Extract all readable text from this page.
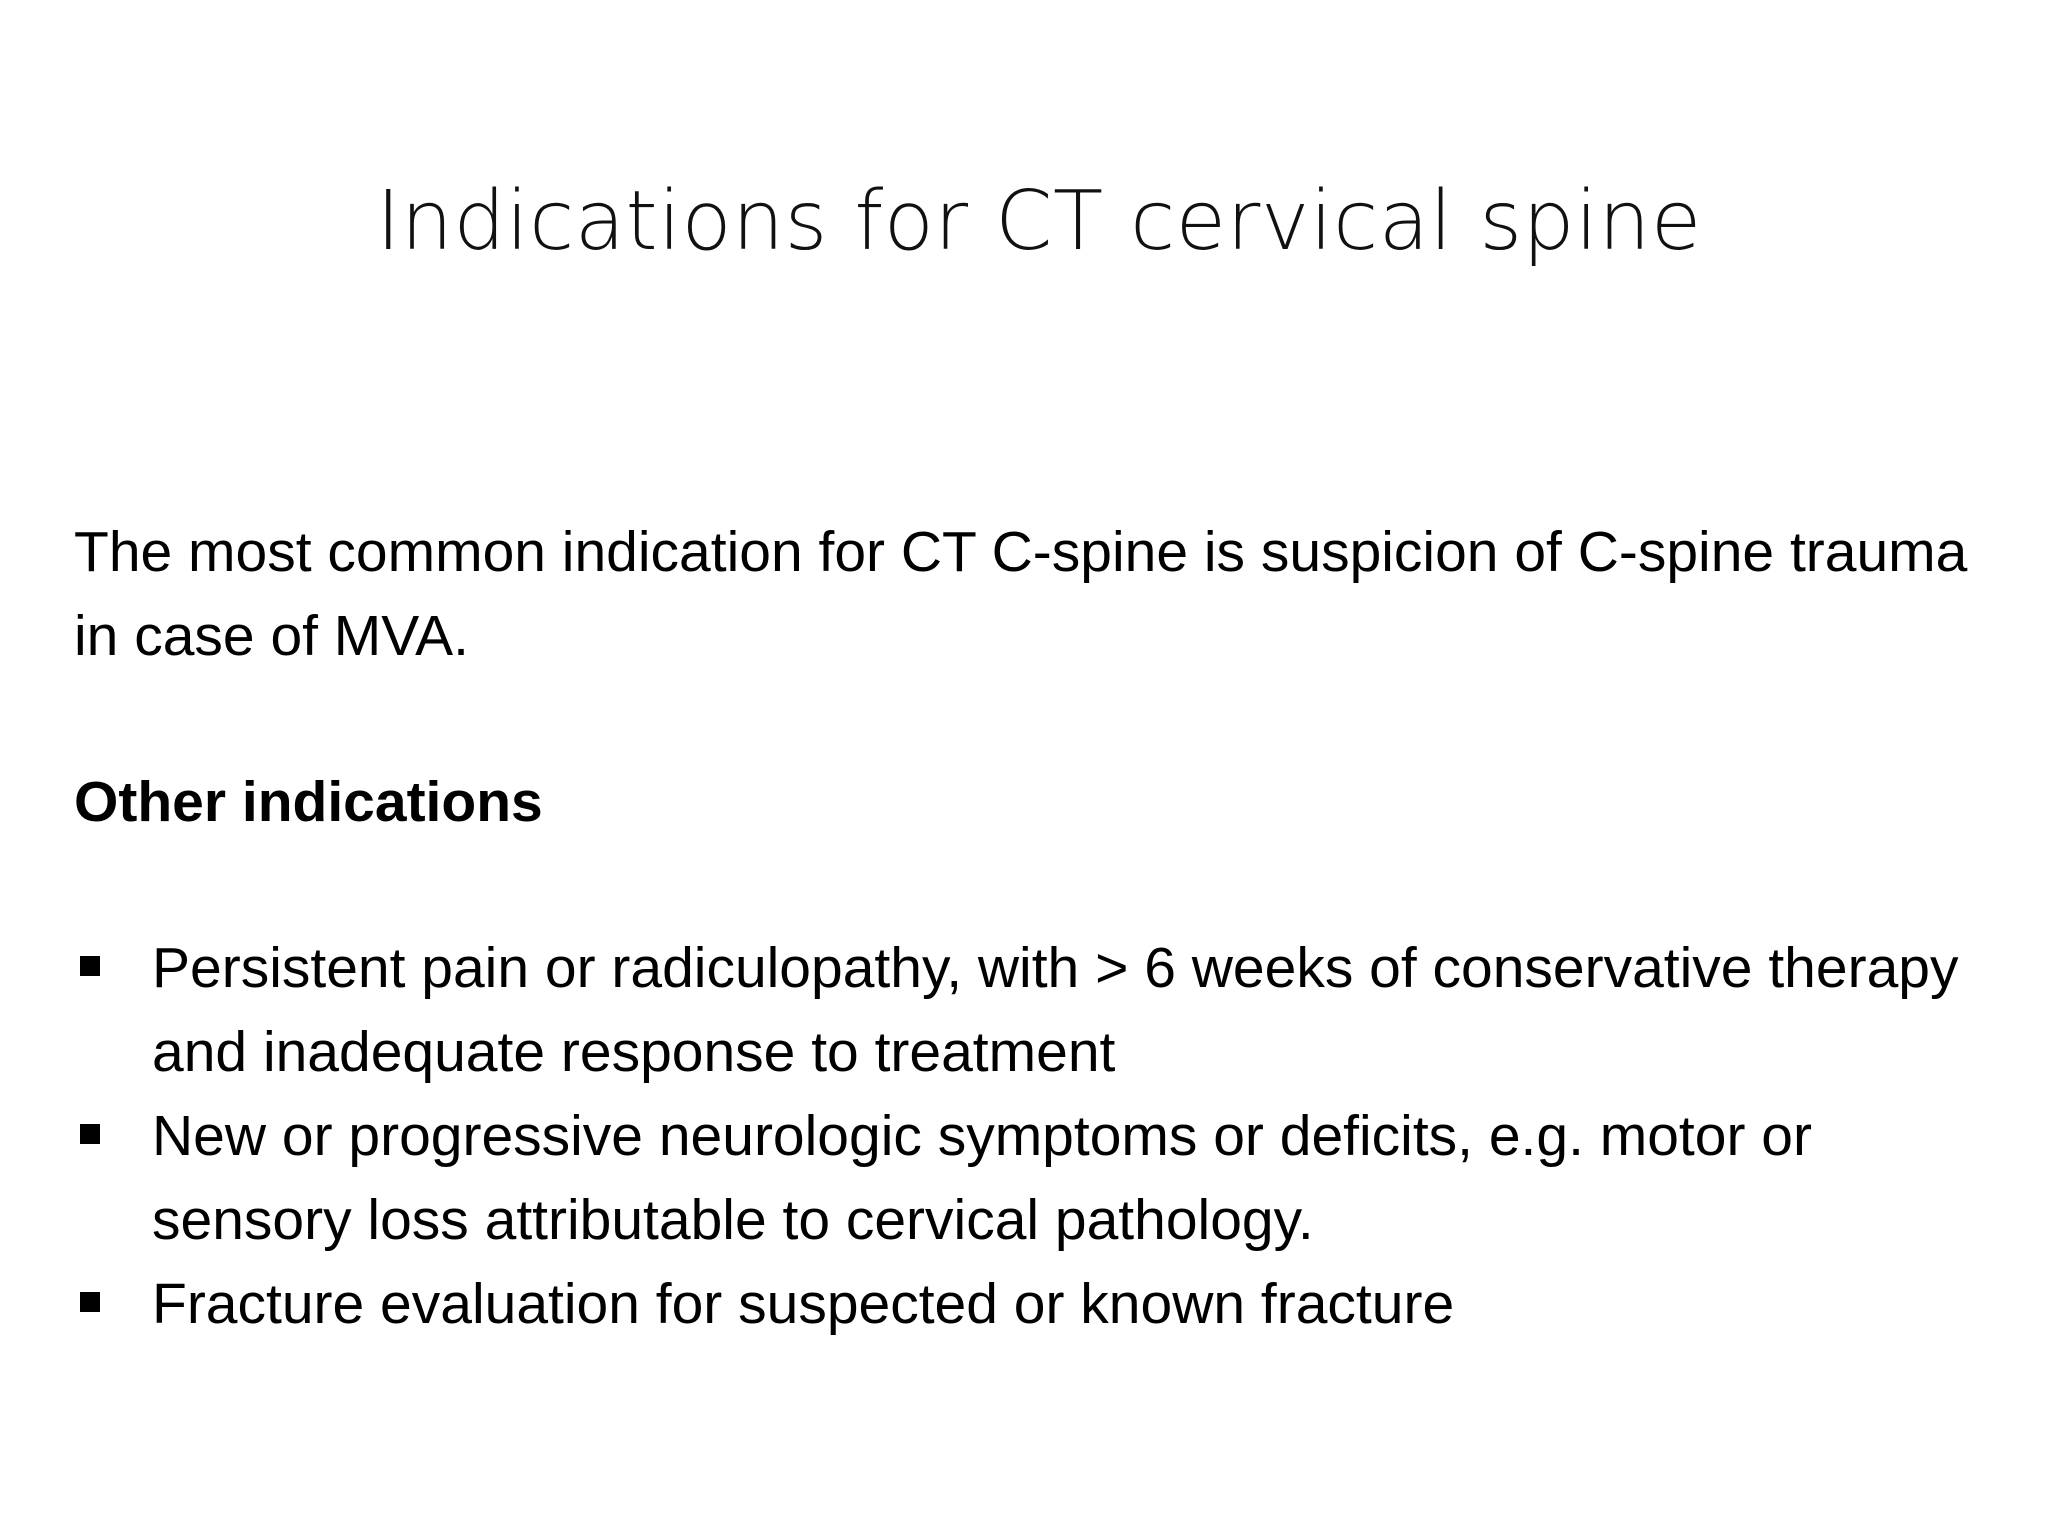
Indications for CT cervical spine

The most common indication for CT C-spine is suspicion of C-spine trauma in case of MVA.

Other indications

Persistent pain or radiculopathy, with > 6 weeks of conservative therapy and inadequate response to treatment
New or progressive neurologic symptoms or deficits, e.g. motor or sensory loss attributable to cervical pathology.
Fracture evaluation for suspected or known fracture
